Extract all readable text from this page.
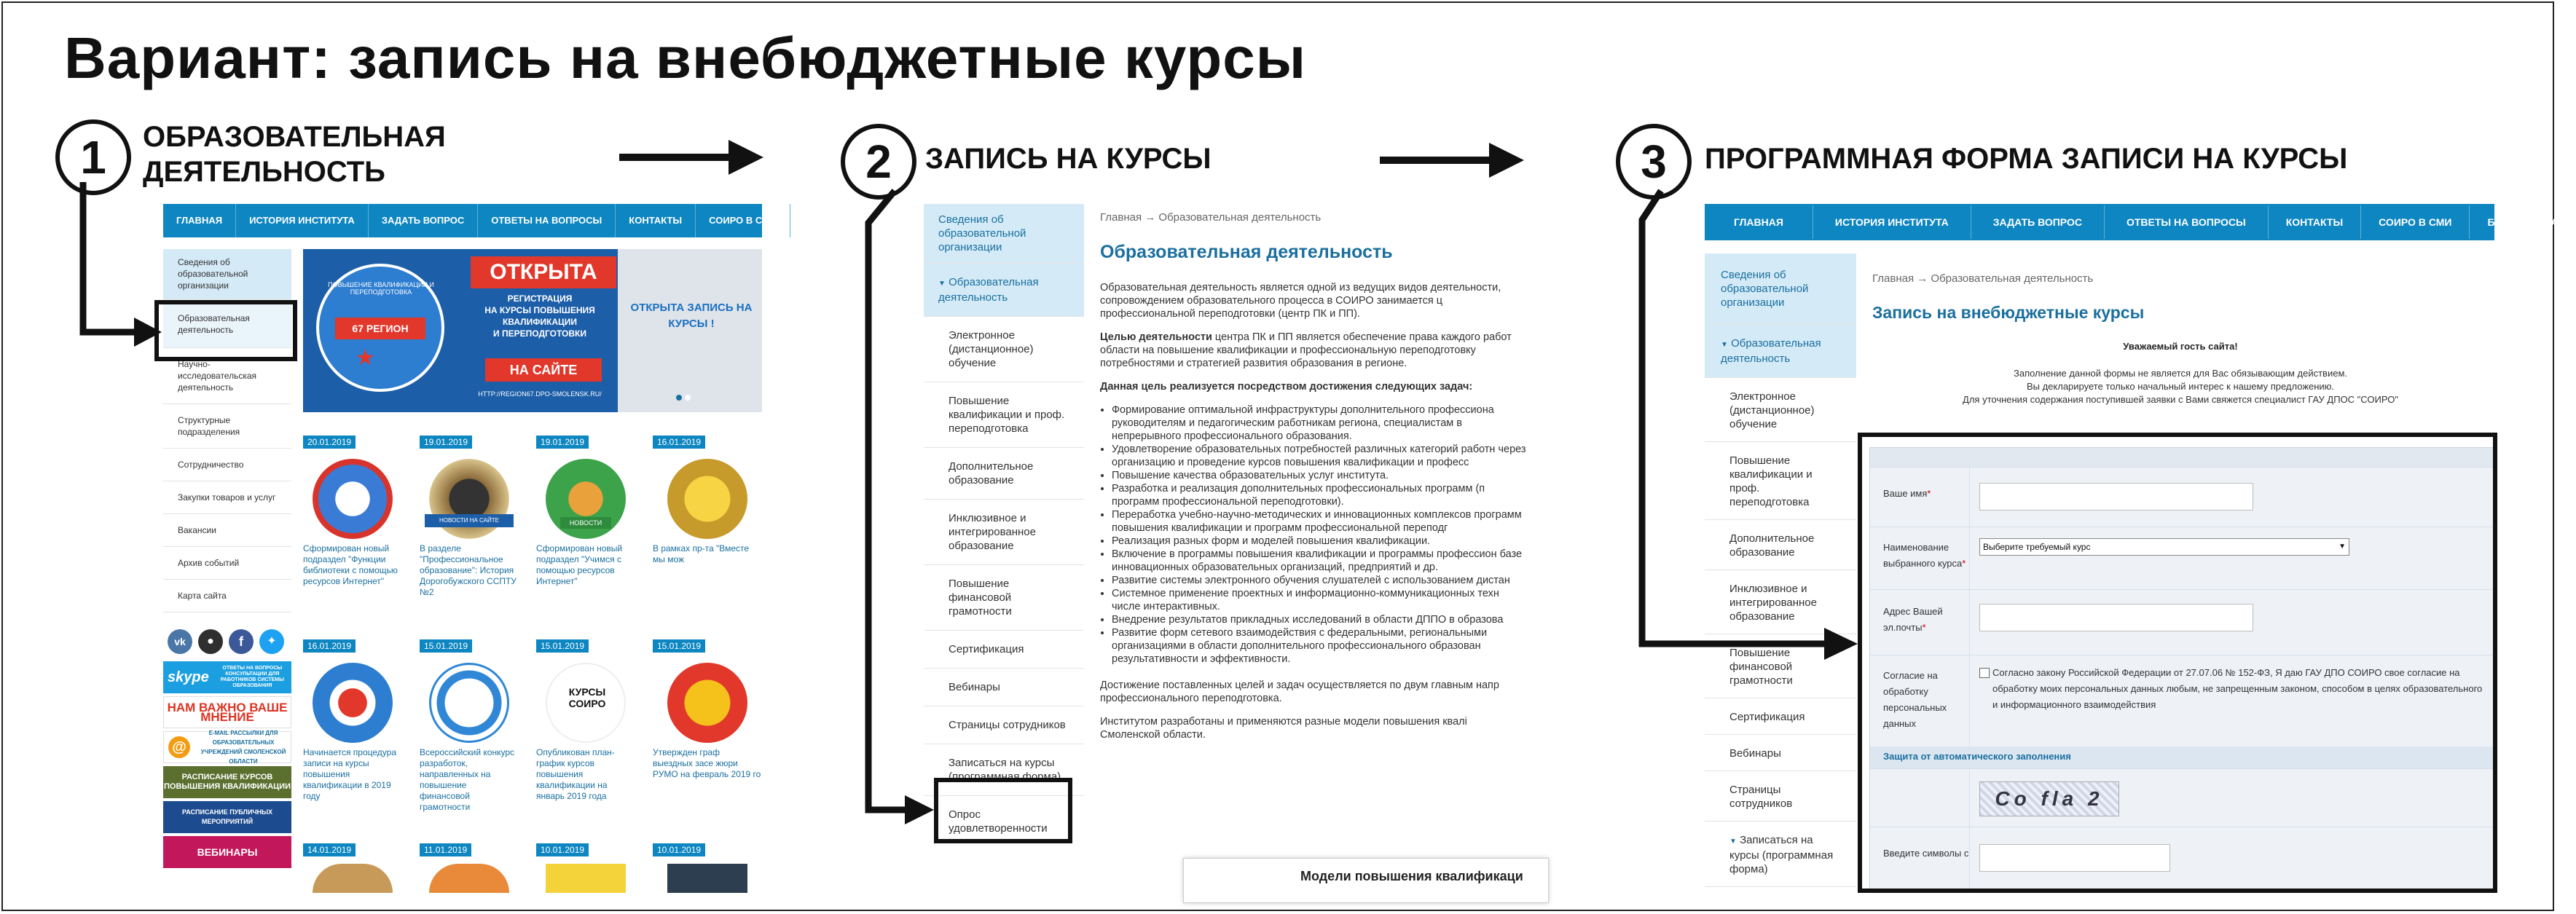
Вариант: запись на внебюджетные курсы
1	ОБРАЗОВАТЕЛЬНАЯ
ДЕЯТЕЛЬНОСТЬ	2	ЗАПИСЬ НА КУРСЫ	3	ПРОГРАММНАЯ ФОРМА ЗАПИСИ НА КУРСЫ
ГЛАВНАЯ	ИСТОРИЯ ИНСТИТУТА	ЗАДАТЬ ВОПРОС	ОТВЕТЫ НА ВОПРОСЫ	КОНТАКТЫ	СОИРО В СМИ
Сведения об образовательной организации
Образовательная деятельность
Научно-исследовательская деятельность
Структурные подразделения
Сотрудничество
Закупки товаров и услуг
Вакансии
Архив событий
Карта сайта
vk	●	f	✦
skype
ОТВЕТЫ НА ВОПРОСЫ КОНСУЛЬТАЦИИ ДЛЯ РАБОТНИКОВ СИСТЕМЫ ОБРАЗОВАНИЯ
НАМ ВАЖНО ВАШЕ МНЕНИЕ
@
E-MAIL РАССЫЛКИ ДЛЯ ОБРАЗОВАТЕЛЬНЫХ УЧРЕЖДЕНИЙ СМОЛЕНСКОЙ ОБЛАСТИ
РАСПИСАНИЕ КУРСОВ ПОВЫШЕНИЯ КВАЛИФИКАЦИИ
РАСПИСАНИЕ ПУБЛИЧНЫХ МЕРОПРИЯТИЙ
ВЕБИНАРЫ
ПОВЫШЕНИЕ КВАЛИФИКАЦИИ И ПЕРЕПОДГОТОВКА
67 РЕГИОН
★
ОТКРЫТА
РЕГИСТРАЦИЯ
НА КУРСЫ ПОВЫШЕНИЯ
КВАЛИФИКАЦИИ
И ПЕРЕПОДГОТОВКИ
НА САЙТЕ
HTTP://REGION67.DPO-SMOLENSK.RU/
ОТКРЫТА ЗАПИСЬ НА КУРСЫ !
20.01.2019
Сформирован новый подраздел "Функции библиотеки с помощью ресурсов Интернет"
19.01.2019
НОВОСТИ НА САЙТЕ
В разделе "Профессиональное образование": История Дорогобужского ССПТУ №2
19.01.2019
НОВОСТИ
Сформирован новый подраздел "Учимся с помощью ресурсов Интернет"
16.01.2019
В рамках пр-та "Вместе мы мож
16.01.2019
Начинается процедура записи на курсы повышения квалификации в 2019 году
15.01.2019
Всероссийский конкурс разработок, направленных на повышение финансовой грамотности
15.01.2019
КУРСЫ СОИРО
Опубликован план-график курсов повышения квалификации на январь 2019 года
15.01.2019
Утвержден граф выездных засе жюри РУМО на февраль 2019 го
14.01.2019	11.01.2019	10.01.2019	10.01.2019
Сведения об образовательной организации
▼ Образовательная деятельность
Электронное (дистанционное) обучение
Повышение квалификации и проф. переподготовка
Дополнительное образование
Инклюзивное и интегрированное образование
Повышение финансовой грамотности
Сертификация
Вебинары
Страницы сотрудников
Записаться на курсы (программная форма)
Опрос удовлетворенности
Главная → Образовательная деятельность
Образовательная деятельность

Образовательная деятельность является одной из ведущих видов деятельности, сопровождением образовательного процесса в СОИРО занимается ц профессиональной переподготовки (центр ПК и ПП).

Целью деятельности центра ПК и ПП является обеспечение права каждого работ области на повышение квалификации и профессиональную переподготовку потребностями и стратегией развития образования в регионе.

Данная цель реализуется посредством достижения следующих задач:

• Формирование оптимальной инфраструктуры дополнительного профессиона руководителям и педагогическим работникам региона, специалистам в непрерывного профессионального образования.
• Удовлетворение образовательных потребностей различных категорий работн через организацию и проведение курсов повышения квалификации и професс
• Повышение качества образовательных услуг института.
• Разработка и реализация дополнительных профессиональных программ (п программ профессиональной переподготовки).
• Переработка учебно-научно-методических и инновационных комплексов программ повышения квалификации и программ профессиональной переподг
• Реализация разных форм и моделей повышения квалификации.
• Включение в программы повышения квалификации и программы профессион базе инновационных образовательных организаций, предприятий и др.
• Развитие системы электронного обучения слушателей с использованием дистан
• Системное применение проектных и информационно-коммуникационных техн числе интерактивных.
• Внедрение результатов прикладных исследований в области ДППО в образова
• Развитие форм сетевого взаимодействия с федеральными, региональными организациями в области дополнительного профессионального образован результативности и эффективности.

Достижение поставленных целей и задач осуществляется по двум главным напр профессионального переподготовка.

Институтом разработаны и применяются разные модели повышения квалі Смоленской области.

Модели повышения квалификаци
ГЛАВНАЯ	ИСТОРИЯ ИНСТИТУТА	ЗАДАТЬ ВОПРОС	ОТВЕТЫ НА ВОПРОСЫ	КОНТАКТЫ	СОИРО В СМИ	БИБЛИОТЕКА
Сведения об образовательной организации
▼ Образовательная деятельность
Электронное (дистанционное) обучение
Повышение квалификации и проф. переподготовка
Дополнительное образование
Инклюзивное и интегрированное образование
Повышение финансовой грамотности
Сертификация
Вебинары
Страницы сотрудников
▼ Записаться на курсы (программная форма)
Главная → Образовательная деятельность
Запись на внебюджетные курсы
Уважаемый гость сайта!
Заполнение данной формы не является для Вас обязывающим действием.
Вы декларируете только начальный интерес к нашему предложению.
Для уточнения содержания поступившей заявки с Вами свяжется специалист ГАУ ДПОС "СОИРО"
Ваше имя*
Наименование выбранного курса*
Выберите требуемый курс	▼
Адрес Вашей эл.почты*
Согласие на обработку персональных данных
Согласно закону Российской Федерации от 27.07.06 № 152-ФЗ, Я даю ГАУ ДПО СОИРО свое согласие на обработку моих персональных данных любым, не запрещенным законом, способом в целях образовательного и информационного взаимодействия
Защита от автоматического заполнения
Co fla 2
Введите символы с
